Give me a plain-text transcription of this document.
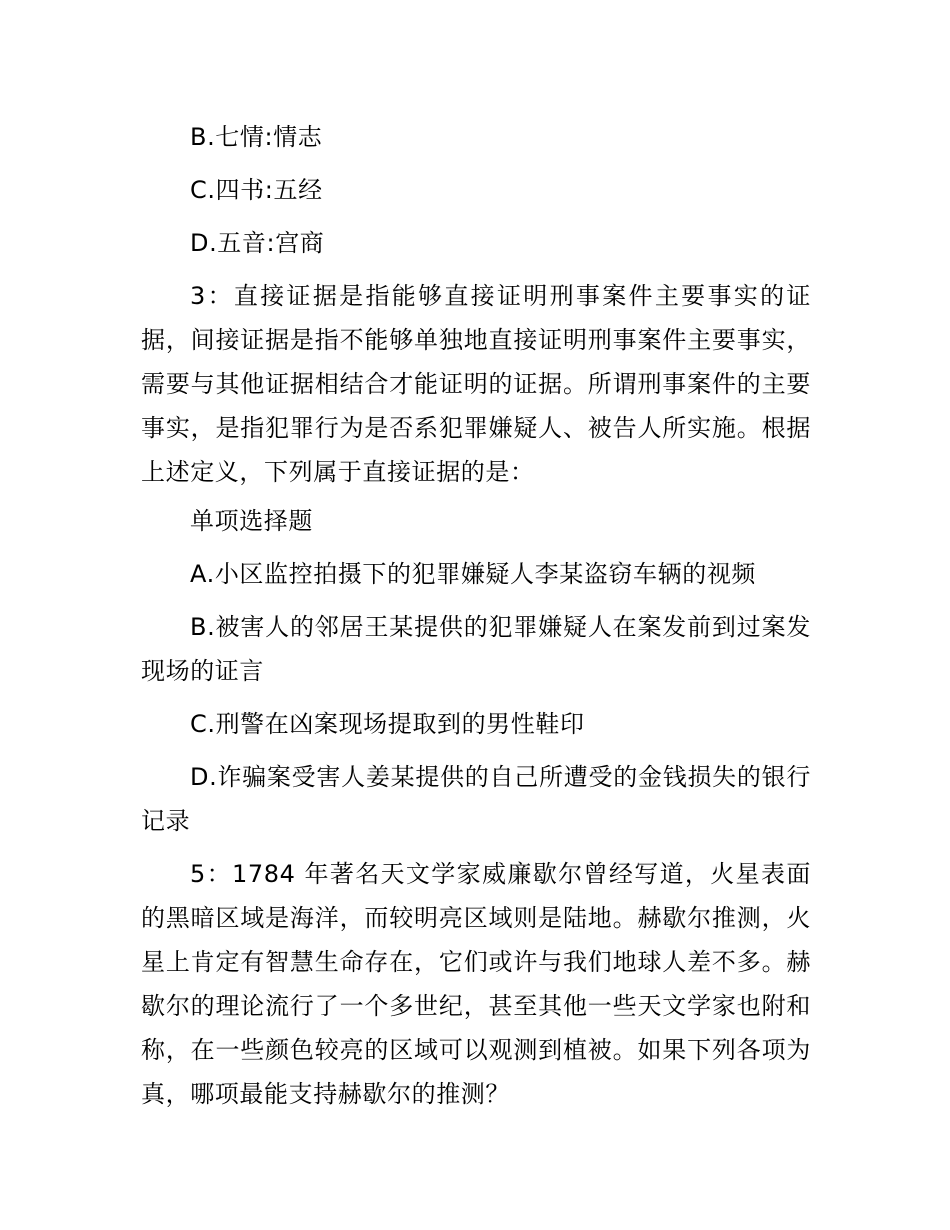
B.七情:情志

C.四书:五经

D.五音:宫商

3：直接证据是指能够直接证明刑事案件主要事实的证据，间接证据是指不能够单独地直接证明刑事案件主要事实，需要与其他证据相结合才能证明的证据。所谓刑事案件的主要事实，是指犯罪行为是否系犯罪嫌疑人、被告人所实施。根据上述定义，下列属于直接证据的是：

单项选择题

A.小区监控拍摄下的犯罪嫌疑人李某盗窃车辆的视频

B.被害人的邻居王某提供的犯罪嫌疑人在案发前到过案发现场的证言

C.刑警在凶案现场提取到的男性鞋印

D.诈骗案受害人姜某提供的自己所遭受的金钱损失的银行记录

5：1784 年著名天文学家威廉歇尔曾经写道，火星表面的黑暗区域是海洋，而较明亮区域则是陆地。赫歇尔推测，火星上肯定有智慧生命存在，它们或许与我们地球人差不多。赫歇尔的理论流行了一个多世纪，甚至其他一些天文学家也附和称，在一些颜色较亮的区域可以观测到植被。如果下列各项为真，哪项最能支持赫歇尔的推测？
